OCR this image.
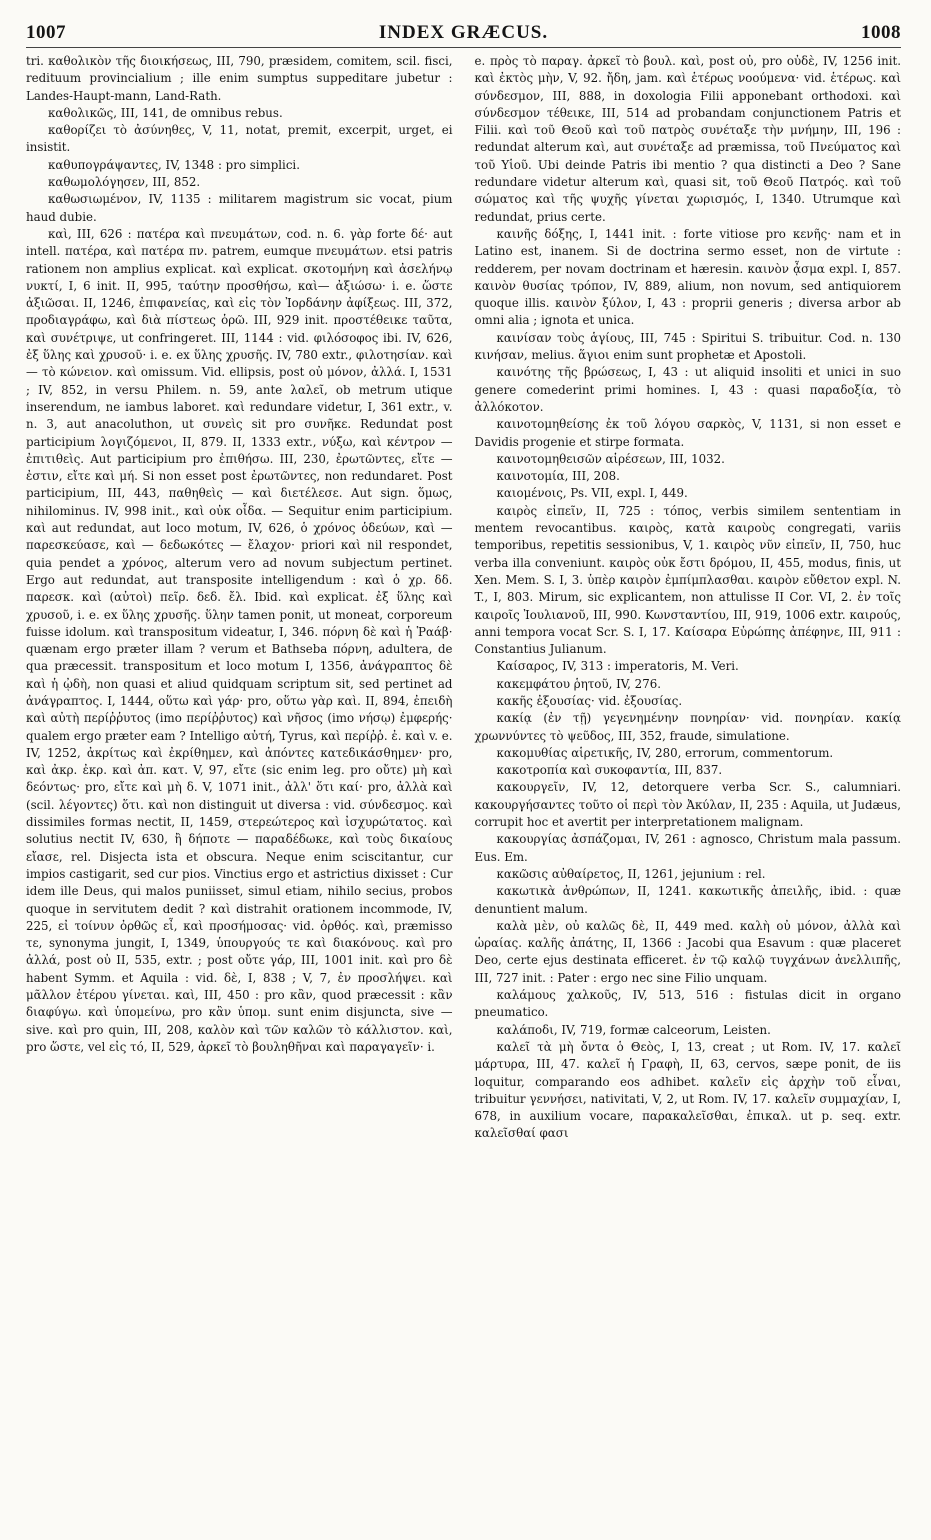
1007	INDEX GRÆCUS.	1008

tri. καθολικὸν τῆς διοικήσεως, III, 790, præsidem, comitem, scil. fisci, redituum provincialium ; ille enim sumptus suppeditare jubetur : Landes-Haupt-mann, Land-Rath.

καθολικῶς, III, 141, de omnibus rebus.

καθορίζει τὸ ἀσύνηθες, V, 11, notat, premit, excerpit, urget, ei insistit.

καθυπογράψαντες, IV, 1348 : pro simplici.

καθωμολόγησεν, III, 852.

καθωσιωμένον, IV, 1135 : militarem magistrum sic vocat, pium haud dubie.

καὶ, III, 626 : πατέρα καὶ πνευμάτων, cod. n. 6. γὰρ forte δέ· aut intell. πατέρα, καὶ πατέρα πν. patrem, eumque πνευμάτων. etsi patris rationem non amplius explicat. καὶ explicat. σκοτομήνη καὶ ἀσελήνῳ νυκτί, I, 6 init. II, 995, ταύτην προσθήσω, καὶ— ἀξιώσω· i. e. ὥστε ἀξιῶσαι. II, 1246, ἐπιφανείας, καὶ εἰς τὸν Ἰορδάνην ἀφίξεως. III, 372, προδιαγράφω, καὶ διὰ πίστεως ὁρῶ. III, 929 init. προστέθεικε ταῦτα, καὶ συνέτριψε, ut confringeret. III, 1144 : vid. φιλόσοφος ibi. IV, 626, ἐξ ὕλης καὶ χρυσοῦ· i. e. ex ὕλης χρυσῆς. IV, 780 extr., φιλοτησίαν. καὶ — τὸ κώνειον. καὶ omissum. Vid. ellipsis, post οὐ μόνον, ἀλλά. I, 1531 ; IV, 852, in versu Philem. n. 59, ante λαλεῖ, ob metrum utique inserendum, ne iambus laboret. καὶ redundare videtur, I, 361 extr., v. n. 3, aut anacoluthon, ut συνεὶς sit pro συνῆκε. Redundat post participium λογιζόμενοι, II, 879. II, 1333 extr., νύξω, καὶ κέντρον — ἐπιτιθεὶς. Aut participium pro ἐπιθήσω. III, 230, ἐρωτῶντες, εἴτε — ἐστιν, εἴτε καὶ μή. Si non esset post ἐρωτῶντες, non redundaret. Post participium, III, 443, παθηθεὶς — καὶ διετέλεσε. Aut sign. ὅμως, nihilominus. IV, 998 init., καὶ οὐκ οἶδα. — Sequitur enim participium. καὶ aut redundat, aut loco motum, IV, 626, ὁ χρόνος ὁδεύων, καὶ — παρεσκεύασε, καὶ — δεδωκότες — ἔλαχον· priori καὶ nil respondet, quia pendet a χρόνος, alterum vero ad novum subjectum pertinet. Ergo aut redundat, aut transposite intelligendum : καὶ ὁ χρ. δδ. παρεσκ. καὶ (αὐτοὶ) πεῖρ. δεδ. ἔλ. Ibid. καὶ explicat. ἐξ ὕλης καὶ χρυσοῦ, i. e. ex ὕλης χρυσῆς. ὕλην tamen ponit, ut moneat, corporeum fuisse idolum. καὶ transpositum videatur, I, 346. πόρνη δὲ καὶ ἡ Ῥαάβ· quænam ergo præter illam ? verum et Bathseba πόρνη, adultera, de qua præcessit. transpositum et loco motum I, 1356, ἀνάγραπτος δὲ καὶ ἡ ᾠδὴ, non quasi et aliud quidquam scriptum sit, sed pertinet ad ἀνάγραπτος. I, 1444, οὕτω καὶ γάρ· pro, οὕτω γὰρ καὶ. II, 894, ἐπειδὴ καὶ αὐτὴ περίῤῥυτος (imo περίῤῥυτος) καὶ νῆσος (imo νήσῳ) ἐμφερής· qualem ergo præter eam ? Intelligo αὐτή, Tyrus, καὶ περίῤῥ. ἐ. καὶ v. e. IV, 1252, ἀκρίτως καὶ ἐκρίθημεν, καὶ ἀπόντες κατεδικάσθημεν· pro, καὶ ἀκρ. ἐκρ. καὶ ἀπ. κατ. V, 97, εἴτε (sic enim leg. pro οὔτε) μὴ καὶ δεόντως· pro, εἴτε καὶ μὴ δ. V, 1071 init., ἀλλ' ὅτι καί· pro, ἀλλὰ καὶ (scil. λέγοντες) ὅτι. καὶ non distinguit ut diversa : vid. σύνδεσμος. καὶ dissimiles formas nectit, II, 1459, στερεώτερος καὶ ἰσχυρώτατος. καὶ solutius nectit IV, 630, ἢ δήποτε — παραδέδωκε, καὶ τοὺς δικαίους εἴασε, rel. Disjecta ista et obscura. Neque enim sciscitantur, cur impios castigarit, sed cur pios. Vinctius ergo et astrictius dixisset : Cur idem ille Deus, qui malos puniisset, simul etiam, nihilo secius, probos quoque in servitutem dedit ? καὶ distrahit orationem incommode, IV, 225, εἰ τοίνυν ὀρθῶς εἶ, καὶ προσήμοσας· vid. ὀρθός. καὶ, præmisso τε, synonyma jungit, I, 1349, ὑπουργούς τε καὶ διακόνους. καὶ pro ἀλλά, post οὐ II, 535, extr. ; post οὔτε γάρ, III, 1001 init. καὶ pro δὲ habent Symm. et Aquila : vid. δὲ, I, 838 ; V, 7, ἐν προσλήψει. καὶ μᾶλλον ἑτέρου γίνεται. καὶ, III, 450 : pro κἂν, quod præcessit : κἂν διαφύγω. καὶ ὑπομείνω, pro κἂν ὑπομ. sunt enim disjuncta, sive — sive. καὶ pro quin, III, 208, καλὸν καὶ τῶν καλῶν τὸ κάλλιστον. καὶ, pro ὥστε, vel εἰς τό, II, 529, ἀρκεῖ τὸ βουληθῆναι καὶ παραγαγεῖν· i.

e. πρὸς τὸ παραγ. ἀρκεῖ τὸ βουλ. καὶ, post οὐ, pro οὐδὲ, IV, 1256 init. καὶ ἐκτὸς μὴν, V, 92. ἤδη, jam. καὶ ἑτέρως νοούμενα· vid. ἑτέρως. καὶ σύνδεσμον, III, 888, in doxologia Filii apponebant orthodoxi. καὶ σύνδεσμον τέθεικε, III, 514 ad probandam conjunctionem Patris et Filii. καὶ τοῦ Θεοῦ καὶ τοῦ πατρὸς συνέταξε τὴν μνήμην, III, 196 : redundat alterum καὶ, aut συνέταξε ad præmissa, τοῦ Πνεύματος καὶ τοῦ Υἱοῦ. Ubi deinde Patris ibi mentio ? qua distincti a Deo ? Sane redundare videtur alterum καὶ, quasi sit, τοῦ Θεοῦ Πατρός. καὶ τοῦ σώματος καὶ τῆς ψυχῆς γίνεται χωρισμός, I, 1340. Utrumque καὶ redundat, prius certe.

καινῆς δόξης, I, 1441 init. : forte vitiose pro κενῆς· nam et in Latino est, inanem. Si de doctrina sermo esset, non de virtute : redderem, per novam doctrinam et hæresin. καινὸν ᾆσμα expl. I, 857. καινὸν θυσίας τρόπον, IV, 889, alium, non novum, sed antiquiorem quoque illis. καινὸν ξύλον, I, 43 : proprii generis ; diversa arbor ab omni alia ; ignota et unica.

καινίσαν τοὺς ἁγίους, III, 745 : Spiritui S. tribuitur. Cod. n. 130 κινήσαν, melius. ἅγιοι enim sunt prophetæ et Apostoli.

καινότης τῆς βρώσεως, I, 43 : ut aliquid insoliti et unici in suo genere comederint primi homines. I, 43 : quasi παραδοξία, τὸ ἀλλόκοτον.

καινοτομηθείσης ἐκ τοῦ λόγου σαρκὸς, V, 1131, si non esset e Davidis progenie et stirpe formata.

καινοτομηθεισῶν αἱρέσεων, III, 1032.

καινοτομία, III, 208.

καιομένοις, Ps. VII, expl. I, 449.

καιρὸς εἰπεῖν, II, 725 : τόπος, verbis similem sententiam in mentem revocantibus. καιρὸς, κατὰ καιροὺς congregati, variis temporibus, repetitis sessionibus, V, 1. καιρὸς νῦν εἰπεῖν, II, 750, huc verba illa conveniunt. καιρὸς οὐκ ἔστι δρόμου, II, 455, modus, finis, ut Xen. Mem. S. I, 3. ὑπὲρ καιρὸν ἐμπίμπλασθαι. καιρὸν εὔθετον expl. N. T., I, 803. Mirum, sic explicantem, non attulisse II Cor. VI, 2. ἐν τοῖς καιροῖς Ἰουλιανοῦ, III, 990. Κωνσταντίου, III, 919, 1006 extr. καιρούς, anni tempora vocat Scr. S. I, 17. Καίσαρα Εὐρώπης ἀπέφηνε, III, 911 : Constantius Julianum.

Καίσαρος, IV, 313 : imperatoris, M. Veri.

κακεμφάτου ῥητοῦ, IV, 276.

κακῆς ἐξουσίας· vid. ἐξουσίας.

κακίᾳ (ἐν τῇ) γεγενημένην πονηρίαν· vid. πονηρίαν. κακίᾳ χρωννύντες τὸ ψεῦδος, III, 352, fraude, simulatione.

κακομυθίας αἱρετικῆς, IV, 280, errorum, commentorum.

κακοτροπία καὶ συκοφαντία, III, 837.

κακουργεῖν, IV, 12, detorquere verba Scr. S., calumniari. κακουργήσαντες τοῦτο οἱ περὶ τὸν Ἀκύλαν, II, 235 : Aquila, ut Judæus, corrupit hoc et avertit per interpretationem malignam.

κακουργίας ἀσπάζομαι, IV, 261 : agnosco, Christum mala passum. Eus. Em.

κακῶσις αὐθαίρετος, II, 1261, jejunium : rel.

κακωτικὰ ἀνθρώπων, II, 1241. κακωτικῆς ἀπειλῆς, ibid. : quæ denuntient malum.

καλὰ μὲν, οὐ καλῶς δὲ, II, 449 med. καλὴ οὐ μόνον, ἀλλὰ καὶ ὡραίας. καλῆς ἀπάτης, II, 1366 : Jacobi qua Esavum : quæ placeret Deo, certe ejus destinata efficeret. ἐν τῷ καλῷ τυγχάνων ἀνελλιπῆς, III, 727 init. : Pater : ergo nec sine Filio unquam.

καλάμους χαλκοῦς, IV, 513, 516 : fistulas dicit in organo pneumatico.

καλάποδι, IV, 719, formæ calceorum, Leisten.

καλεῖ τὰ μὴ ὄντα ὁ Θεὸς, I, 13, creat ; ut Rom. IV, 17. καλεῖ μάρτυρα, III, 47. καλεῖ ἡ Γραφὴ, II, 63, cervos, sæpe ponit, de iis loquitur, comparando eos adhibet. καλεῖν εἰς ἀρχὴν τοῦ εἶναι, tribuitur γεννήσει, nativitati, V, 2, ut Rom. IV, 17. καλεῖν συμμαχίαν, I, 678, in auxilium vocare, παρακαλεῖσθαι, ἐπικαλ. ut p. seq. extr. καλεῖσθαί φασι
